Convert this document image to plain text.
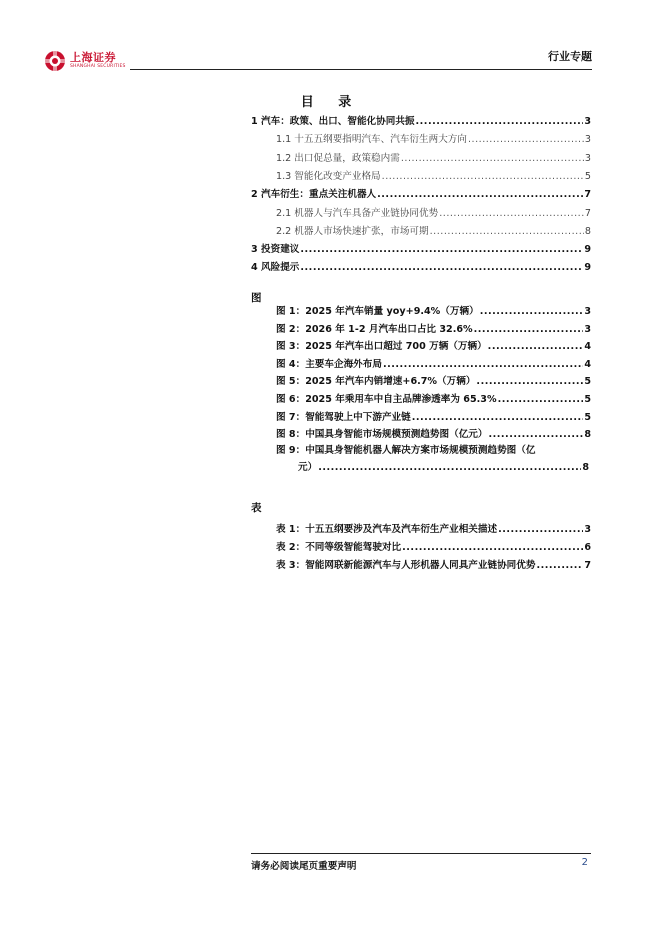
上海证券
SHANGHAI SECURITIES
行业专题
目 录
1 汽车：政策、出口、智能化协同共振 .....	3
1.1 十五五纲要指明汽车、汽车衍生两大方向 .....	3
1.2 出口促总量，政策稳内需 .....	3
1.3 智能化改变产业格局 .....	5
2 汽车衍生：重点关注机器人 .....	7
2.1 机器人与汽车具备产业链协同优势 .....	7
2.2 机器人市场快速扩张，市场可期 .....	8
3 投资建议 .....	9
4 风险提示 .....	9
图
图 1：2025 年汽车销量 yoy+9.4%（万辆） .....	3
图 2：2026 年 1-2 月汽车出口占比 32.6% .....	3
图 3：2025 年汽车出口超过 700 万辆（万辆） .....	4
图 4：主要车企海外布局 .....	4
图 5：2025 年汽车内销增速+6.7%（万辆） .....	5
图 6：2025 年乘用车中自主品牌渗透率为 65.3% .....	5
图 7：智能驾驶上中下游产业链 .....	5
图 8：中国具身智能市场规模预测趋势图（亿元） .....	8
图 9：中国具身智能机器人解决方案市场规模预测趋势图（亿
元） .....	8
表
表 1：十五五纲要涉及汽车及汽车衍生产业相关描述 .....	3
表 2：不同等级智能驾驶对比 .....	6
表 3：智能网联新能源汽车与人形机器人同具产业链协同优势 .....	7
请务必阅读尾页重要声明	2
